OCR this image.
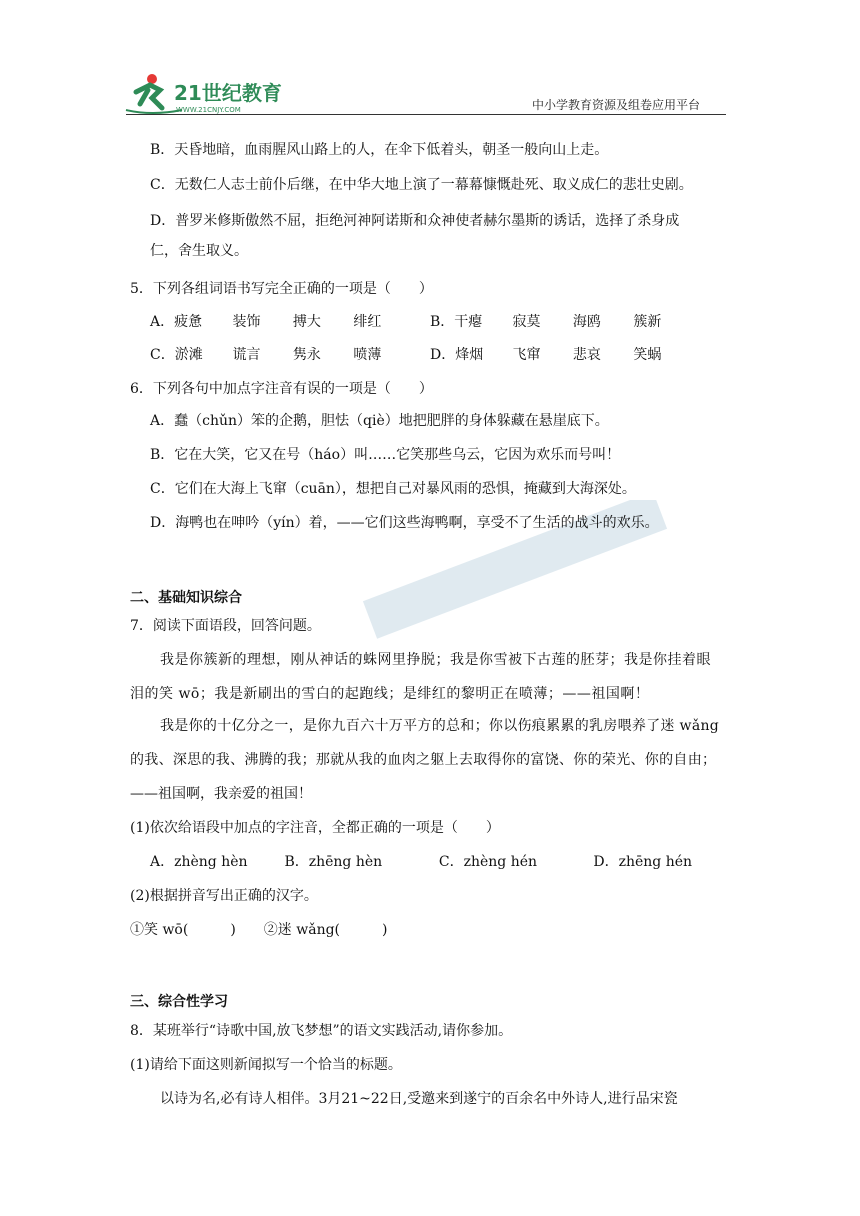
21世纪教育
WWW.21CNJY.COM	中小学教育资源及组卷应用平台
B．天昏地暗，血雨腥风山路上的人，在伞下低着头，朝圣一般向山上走。
C．无数仁人志士前仆后继，在中华大地上演了一幕幕慷慨赴死、取义成仁的悲壮史剧。
D．普罗米修斯傲然不屈，拒绝河神阿诺斯和众神使者赫尔墨斯的诱话，选择了杀身成
仁，舍生取义。
5．下列各组词语书写完全正确的一项是（　　）
A．疲惫 装饰 搏大 绯红	B．干瘪 寂莫 海鸥 簇新
C．淤滩 谎言 隽永 喷薄	D．烽烟 飞窜 悲哀 笑蜗
6．下列各句中加点字注音有误的一项是（　　）
A．蠢（chǔn）笨的企鹅，胆怯（qiè）地把肥胖的身体躲藏在悬崖底下。
B．它在大笑，它又在号（háo）叫……它笑那些乌云，它因为欢乐而号叫！
C．它们在大海上飞窜（cuān），想把自己对暴风雨的恐惧，掩藏到大海深处。
D．海鸭也在呻吟（yín）着，——它们这些海鸭啊，享受不了生活的战斗的欢乐。
二、基础知识综合
7．阅读下面语段，回答问题。
我是你簇新的理想，刚从神话的蛛网里挣脱；我是你雪被下古莲的胚芽；我是你挂着眼
泪的笑 wō；我是新刷出的雪白的起跑线；是绯红的黎明正在喷薄；——祖国啊！
我是你的十亿分之一，是你九百六十万平方的总和；你以伤痕累累的乳房喂养了迷 wǎng
的我、深思的我、沸腾的我；那就从我的血肉之躯上去取得你的富饶、你的荣光、你的自由；
——祖国啊，我亲爱的祖国！
(1)依次给语段中加点的字注音，全都正确的一项是（　　）
A．zhèng hèn	B．zhēng hèn	C．zhèng hén	D．zhēng hén
(2)根据拼音写出正确的汉字。
①笑 wō(　　　)　　②迷 wǎng(　　　)
三、综合性学习
8．某班举行“诗歌中国,放飞梦想”的语文实践活动,请你参加。
(1)请给下面这则新闻拟写一个恰当的标题。
以诗为名,必有诗人相伴。3月21~22日,受邀来到遂宁的百余名中外诗人,进行品宋瓷
